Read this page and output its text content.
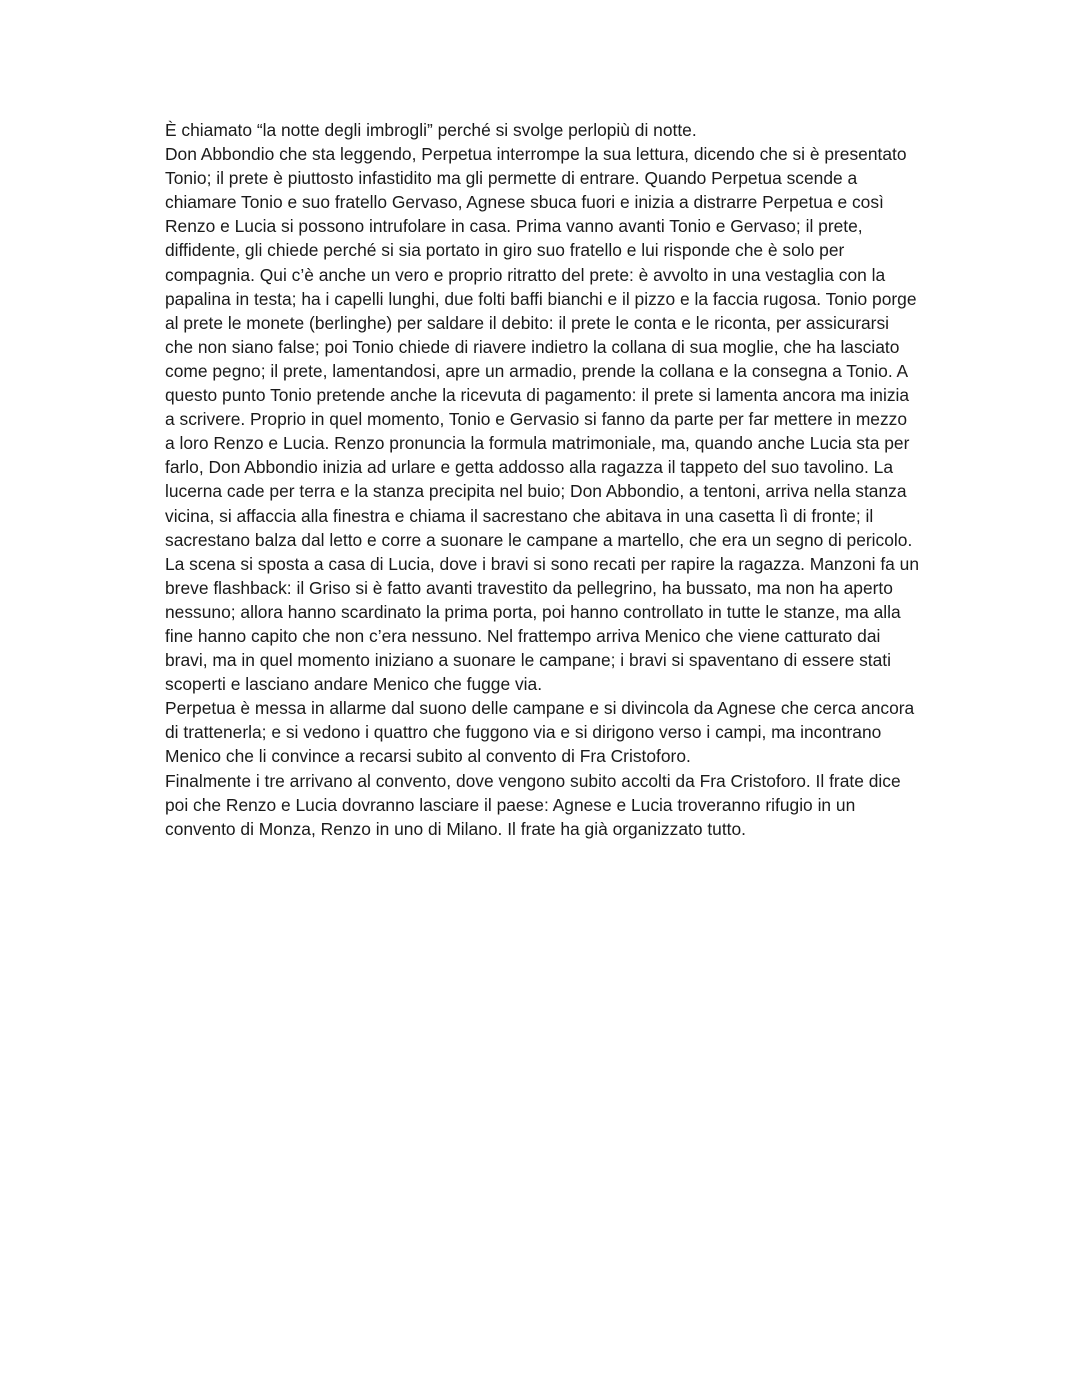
È chiamato “la notte degli imbrogli” perché si svolge perlopiù di notte.

Don Abbondio che sta leggendo, Perpetua interrompe la sua lettura, dicendo che si è presentato Tonio; il prete è piuttosto infastidito ma gli permette di entrare. Quando Perpetua scende a chiamare Tonio e suo fratello Gervaso, Agnese sbuca fuori e inizia a distrarre Perpetua e così Renzo e Lucia si possono intrufolare in casa. Prima vanno avanti Tonio e Gervaso; il prete, diffidente, gli chiede perché si sia portato in giro suo fratello e lui risponde che è solo per compagnia. Qui c’è anche un vero e proprio ritratto del prete: è avvolto in una vestaglia con la papalina in testa; ha i capelli lunghi, due folti baffi bianchi e il pizzo e la faccia rugosa. Tonio porge al prete le monete (berlinghe) per saldare il debito: il prete le conta e le riconta, per assicurarsi che non siano false; poi Tonio chiede di riavere indietro la collana di sua moglie, che ha lasciato come pegno; il prete, lamentandosi, apre un armadio, prende la collana e la consegna a Tonio. A questo punto Tonio pretende anche la ricevuta di pagamento: il prete si lamenta ancora ma inizia a scrivere. Proprio in quel momento, Tonio e Gervasio si fanno da parte per far mettere in mezzo a loro Renzo e Lucia. Renzo pronuncia la formula matrimoniale, ma, quando anche Lucia sta per farlo, Don Abbondio inizia ad urlare e getta addosso alla ragazza il tappeto del suo tavolino. La lucerna cade per terra e la stanza precipita nel buio; Don Abbondio, a tentoni, arriva nella stanza vicina, si affaccia alla finestra e chiama il sacrestano che abitava in una casetta lì di fronte; il sacrestano balza dal letto e corre a suonare le campane a martello, che era un segno di pericolo.

La scena si sposta a casa di Lucia, dove i bravi si sono recati per rapire la ragazza. Manzoni fa un breve flashback: il Griso si è fatto avanti travestito da pellegrino, ha bussato, ma non ha aperto nessuno; allora hanno scardinato la prima porta, poi hanno controllato in tutte le stanze, ma alla fine hanno capito che non c’era nessuno. Nel frattempo arriva Menico che viene catturato dai bravi, ma in quel momento iniziano a suonare le campane; i bravi si spaventano di essere stati scoperti e lasciano andare Menico che fugge via.

Perpetua è messa in allarme dal suono delle campane e si divincola da Agnese che cerca ancora di trattenerla; e si vedono i quattro che fuggono via e si dirigono verso i campi, ma incontrano Menico che li convince a recarsi subito al convento di Fra Cristoforo.

Finalmente i tre arrivano al convento, dove vengono subito accolti da Fra Cristoforo. Il frate dice poi che Renzo e Lucia dovranno lasciare il paese: Agnese e Lucia troveranno rifugio in un convento di Monza, Renzo in uno di Milano. Il frate ha già organizzato tutto.
